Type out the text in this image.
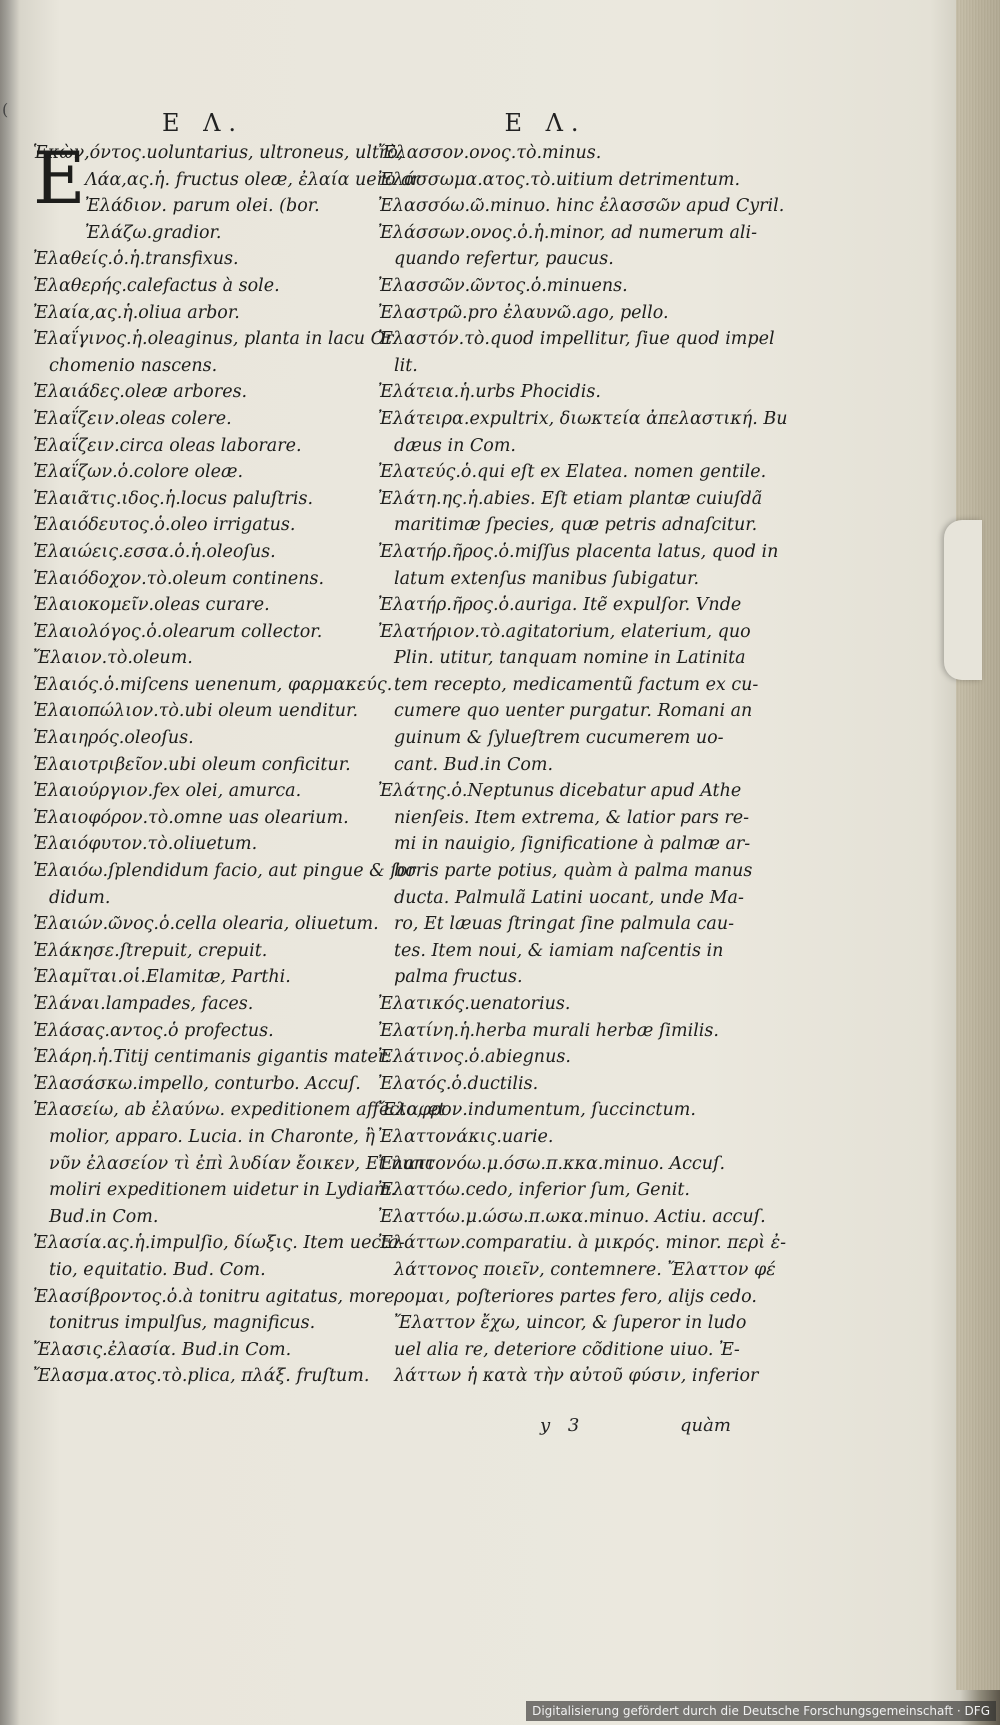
(	E Λ.
E
Ἑκὼν,όντος.uoluntarius, ultroneus, ultrò,
Λάα,ας.ἡ. fructus oleæ, ἐλαία uero ar
Ἐλάδιον. parum olei. (bor.
Ἐλάζω.gradior.
Ἐλαθείς.ὁ.ἡ.transfixus.
Ἐλαθερής.calefactus à sole.
Ἐλαία,ας.ἡ.oliua arbor.
Ἐλαΐγινος.ἡ.oleaginus, planta in lacu Or
chomenio nascens.
Ἐλαιάδες.oleæ arbores.
Ἐλαΐζειν.oleas colere.
Ἐλαΐζειν.circa oleas laborare.
Ἐλαΐζων.ὁ.colore oleæ.
Ἐλαιᾶτις.ιδος.ἡ.locus paluſtris.
Ἐλαιόδευτος.ὁ.oleo irrigatus.
Ἐλαιώεις.εσσα.ὁ.ἡ.oleoſus.
Ἐλαιόδοχον.τὸ.oleum continens.
Ἐλαιοκομεῖν.oleas curare.
Ἐλαιολόγος.ὁ.olearum collector.
Ἔλαιον.τὸ.oleum.
Ἐλαιός.ὁ.miſcens uenenum, φαρμακεύς.
Ἐλαιοπώλιον.τὸ.ubi oleum uenditur.
Ἐλαιηρός.oleoſus.
Ἐλαιοτριβεῖον.ubi oleum conficitur.
Ἐλαιούργιον.fex olei, amurca.
Ἐλαιοφόρον.τὸ.omne uas olearium.
Ἐλαιόφυτον.τὸ.oliuetum.
Ἐλαιόω.ſplendidum facio, aut pingue & ſor
didum.
Ἐλαιών.ῶνος.ὁ.cella olearia, oliuetum.
Ἐλάκησε.ſtrepuit, crepuit.
Ἐλαμῖται.οἱ.Elamitæ, Parthi.
Ἐλάναι.lampades, faces.
Ἐλάσας.αντος.ὁ profectus.
Ἐλάρη.ἡ.Titij centimanis gigantis mater.
Ἐλασάσκω.impello, conturbo. Accuſ.
Ἐλασείω, ab ἐλαύνω. expeditionem affecto, et
molior, apparo. Lucia. in Charonte, ἢ
νῦν ἐλασείον τὶ ἐπὶ λυδίαν ἔοικεν, Et nunc
moliri expeditionem uidetur in Lydiam.
Bud.in Com.
Ἐλασία.ας.ἡ.impulſio, δίωξις. Item uecta-
tio, equitatio. Bud. Com.
Ἐλασίβροντος.ὁ.à tonitru agitatus, more
tonitrus impulſus, magnificus.
Ἔλασις.ἐλασία. Bud.in Com.
Ἔλασμα.ατος.τὸ.plica, πλάξ. fruſtum.
E Λ.
Ἔλασσον.ονος.τὸ.minus.
Ἐλάσσωμα.ατος.τὸ.uitium detrimentum.
Ἐλασσόω.ῶ.minuo. hinc ἐλασσῶν apud Cyril.
Ἐλάσσων.ονος.ὁ.ἡ.minor, ad numerum ali-
quando refertur, paucus.
Ἐλασσῶν.ῶντος.ὁ.minuens.
Ἐλαστρῶ.pro ἐλαυνῶ.ago, pello.
Ἐλαστόν.τὸ.quod impellitur, ſiue quod impel
lit.
Ἐλάτεια.ἡ.urbs Phocidis.
Ἐλάτειρα.expultrix, διωκτεία ἀπελαστική. Bu
dæus in Com.
Ἐλατεύς.ὁ.qui eſt ex Elatea. nomen gentile.
Ἐλάτη.ης.ἡ.abies. Eſt etiam plantæ cuiuſdã
maritimæ ſpecies, quæ petris adnaſcitur.
Ἐλατήρ.ῆρος.ὁ.miſſus placenta latus, quod in
latum extenſus manibus ſubigatur.
Ἐλατήρ.ῆρος.ὁ.auriga. Itẽ expulſor. Vnde
Ἐλατήριον.τὸ.agitatorium, elaterium, quo
Plin. utitur, tanquam nomine in Latinita
tem recepto, medicamentũ factum ex cu-
cumere quo uenter purgatur. Romani an
guinum & ſylueſtrem cucumerem uo-
cant. Bud.in Com.
Ἐλάτης.ὁ.Neptunus dicebatur apud Athe
nienſeis. Item extrema, & latior pars re-
mi in nauigio, ſignificatione à palmæ ar-
boris parte potius, quàm à palma manus
ducta. Palmulã Latini uocant, unde Ma-
ro, Et læuas ſtringat ſine palmula cau-
tes. Item noui, & iamiam naſcentis in
palma fructus.
Ἐλατικός.uenatorius.
Ἐλατίνη.ἡ.herba murali herbæ ſimilis.
Ἐλάτινος.ὁ.abiegnus.
Ἐλατός.ὁ.ductilis.
Ἔλαφρον.indumentum, ſuccinctum.
Ἐλαττονάκις.uarie.
Ἐλαττονόω.μ.όσω.π.κκα.minuo. Accuſ.
Ἐλαττόω.cedo, inferior ſum, Genit.
Ἐλαττόω.μ.ώσω.π.ωκα.minuo. Actiu. accuſ.
Ἐλάττων.comparatiu. à μικρός. minor. περὶ ἐ-
λάττονος ποιεῖν, contemnere. Ἔλαττον φέ
ρομαι, poſteriores partes fero, alijs cedo.
Ἔλαττον ἔχω, uincor, & ſuperor in ludo
uel alia re, deteriore cõditione uiuo. Ἐ-
λάττων ἡ κατὰ τὴν αὐτοῦ φύσιν, inferior
y 3	quàm
Digitalisierung gefördert durch die Deutsche Forschungsgemeinschaft · DFG
